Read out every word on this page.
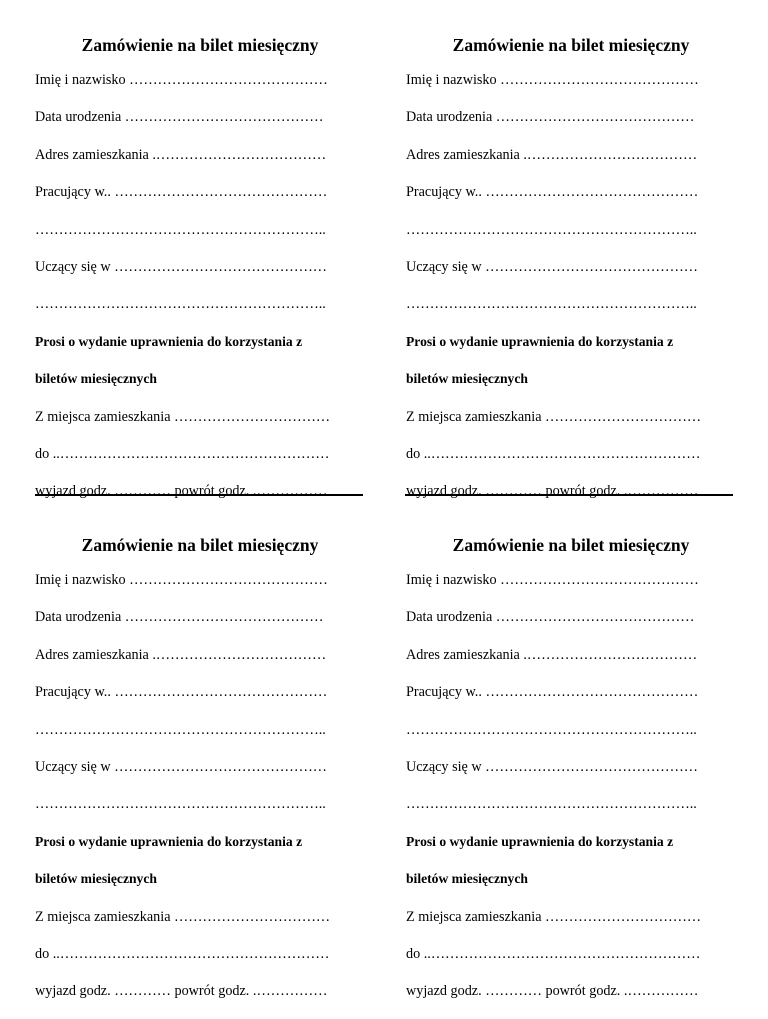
Zamówienie na bilet miesięczny
Imię i nazwisko ……………………………………
Data urodzenia ……………………………………
Adres zamieszkania .………………………………
Pracujący w.. ………………………………………
……………………………………………………..
Uczący się w ………………………………………
……………………………………………………..
Prosi o wydanie uprawnienia do korzystania z
biletów miesięcznych
Z miejsca zamieszkania ……………………………
do ..…………………………………………………
wyjazd godz. ………… powrót godz. .……………
Zamówienie na bilet miesięczny
Imię i nazwisko ……………………………………
Data urodzenia ……………………………………
Adres zamieszkania .………………………………
Pracujący w.. ………………………………………
……………………………………………………..
Uczący się w ………………………………………
……………………………………………………..
Prosi o wydanie uprawnienia do korzystania z
biletów miesięcznych
Z miejsca zamieszkania ……………………………
do ..…………………………………………………
wyjazd godz. ………… powrót godz. .……………
Zamówienie na bilet miesięczny
Imię i nazwisko ……………………………………
Data urodzenia ……………………………………
Adres zamieszkania .………………………………
Pracujący w.. ………………………………………
……………………………………………………..
Uczący się w ………………………………………
……………………………………………………..
Prosi o wydanie uprawnienia do korzystania z
biletów miesięcznych
Z miejsca zamieszkania ……………………………
do ..…………………………………………………
wyjazd godz. ………… powrót godz. .……………
Zamówienie na bilet miesięczny
Imię i nazwisko ……………………………………
Data urodzenia ……………………………………
Adres zamieszkania .………………………………
Pracujący w.. ………………………………………
……………………………………………………..
Uczący się w ………………………………………
……………………………………………………..
Prosi o wydanie uprawnienia do korzystania z
biletów miesięcznych
Z miejsca zamieszkania ……………………………
do ..…………………………………………………
wyjazd godz. ………… powrót godz. .……………
